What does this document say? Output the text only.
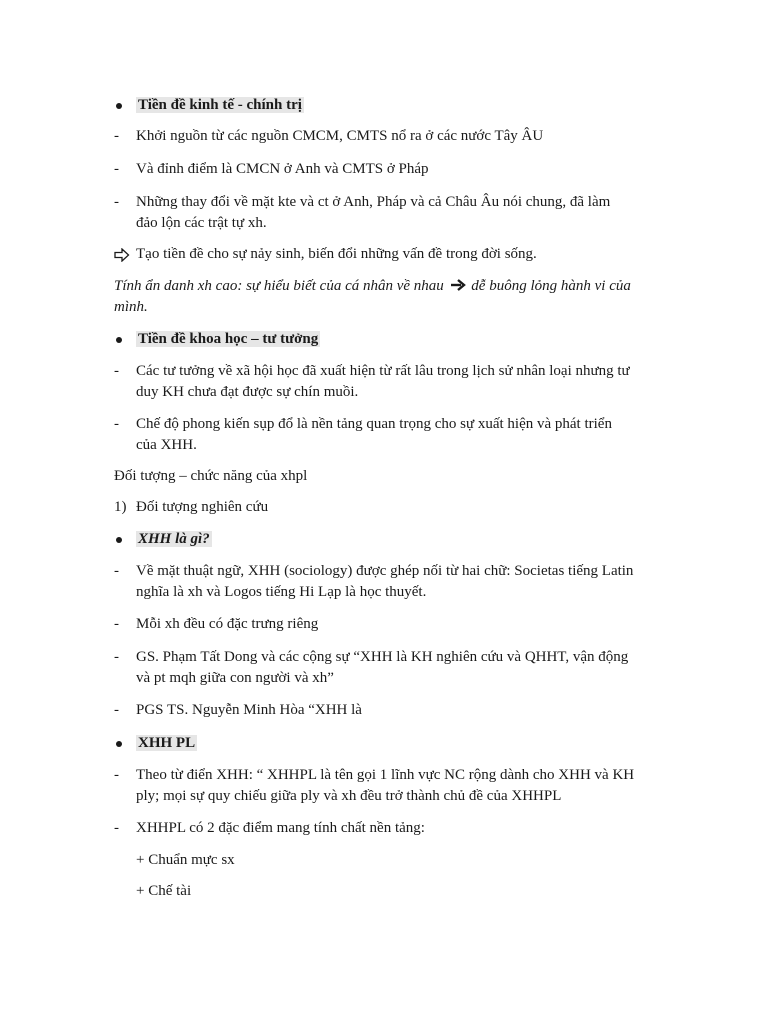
Tiền đề kinh tế - chính trị
-	Khởi nguồn từ các nguồn CMCM, CMTS nổ ra ở các nước Tây ÂU
-	Và đỉnh điểm là CMCN ở Anh và CMTS ở Pháp
-	Những thay đổi về mặt kte và ct ở Anh, Pháp và cả Châu Âu nói chung, đã làm
đảo lộn các trật tự xh.
Tạo tiền đề cho sự nảy sinh, biến đổi những vấn đề trong đời sống.
Tính ẩn danh xh cao: sự hiểu biết của cá nhân về nhau dễ buông lỏng hành vi của
mình.
Tiền đề khoa học – tư tưởng
-	Các tư tưởng về xã hội học đã xuất hiện từ rất lâu trong lịch sử nhân loại nhưng tư
duy KH chưa đạt được sự chín muồi.
-	Chế độ phong kiến sụp đổ là nền tảng quan trọng cho sự xuất hiện và phát triển
của XHH.
Đối tượng – chức năng của xhpl
1) Đối tượng nghiên cứu
XHH là gì?
-	Về mặt thuật ngữ, XHH (sociology) được ghép nối từ hai chữ: Societas tiếng Latin
nghĩa là xh và Logos tiếng Hi Lạp là học thuyết.
-	Mỗi xh đều có đặc trưng riêng
-	GS. Phạm Tất Dong và các cộng sự “XHH là KH nghiên cứu và QHHT, vận động
và pt mqh giữa con người và xh”
-	PGS TS. Nguyễn Minh Hòa “XHH là
XHH PL
-	Theo từ điển XHH: “ XHHPL là tên gọi 1 lĩnh vực NC rộng dành cho XHH và KH
ply; mọi sự quy chiếu giữa ply và xh đều trở thành chủ đề của XHHPL
-	XHHPL có 2 đặc điểm mang tính chất nền tảng:
+ Chuẩn mực sx
+ Chế tài
